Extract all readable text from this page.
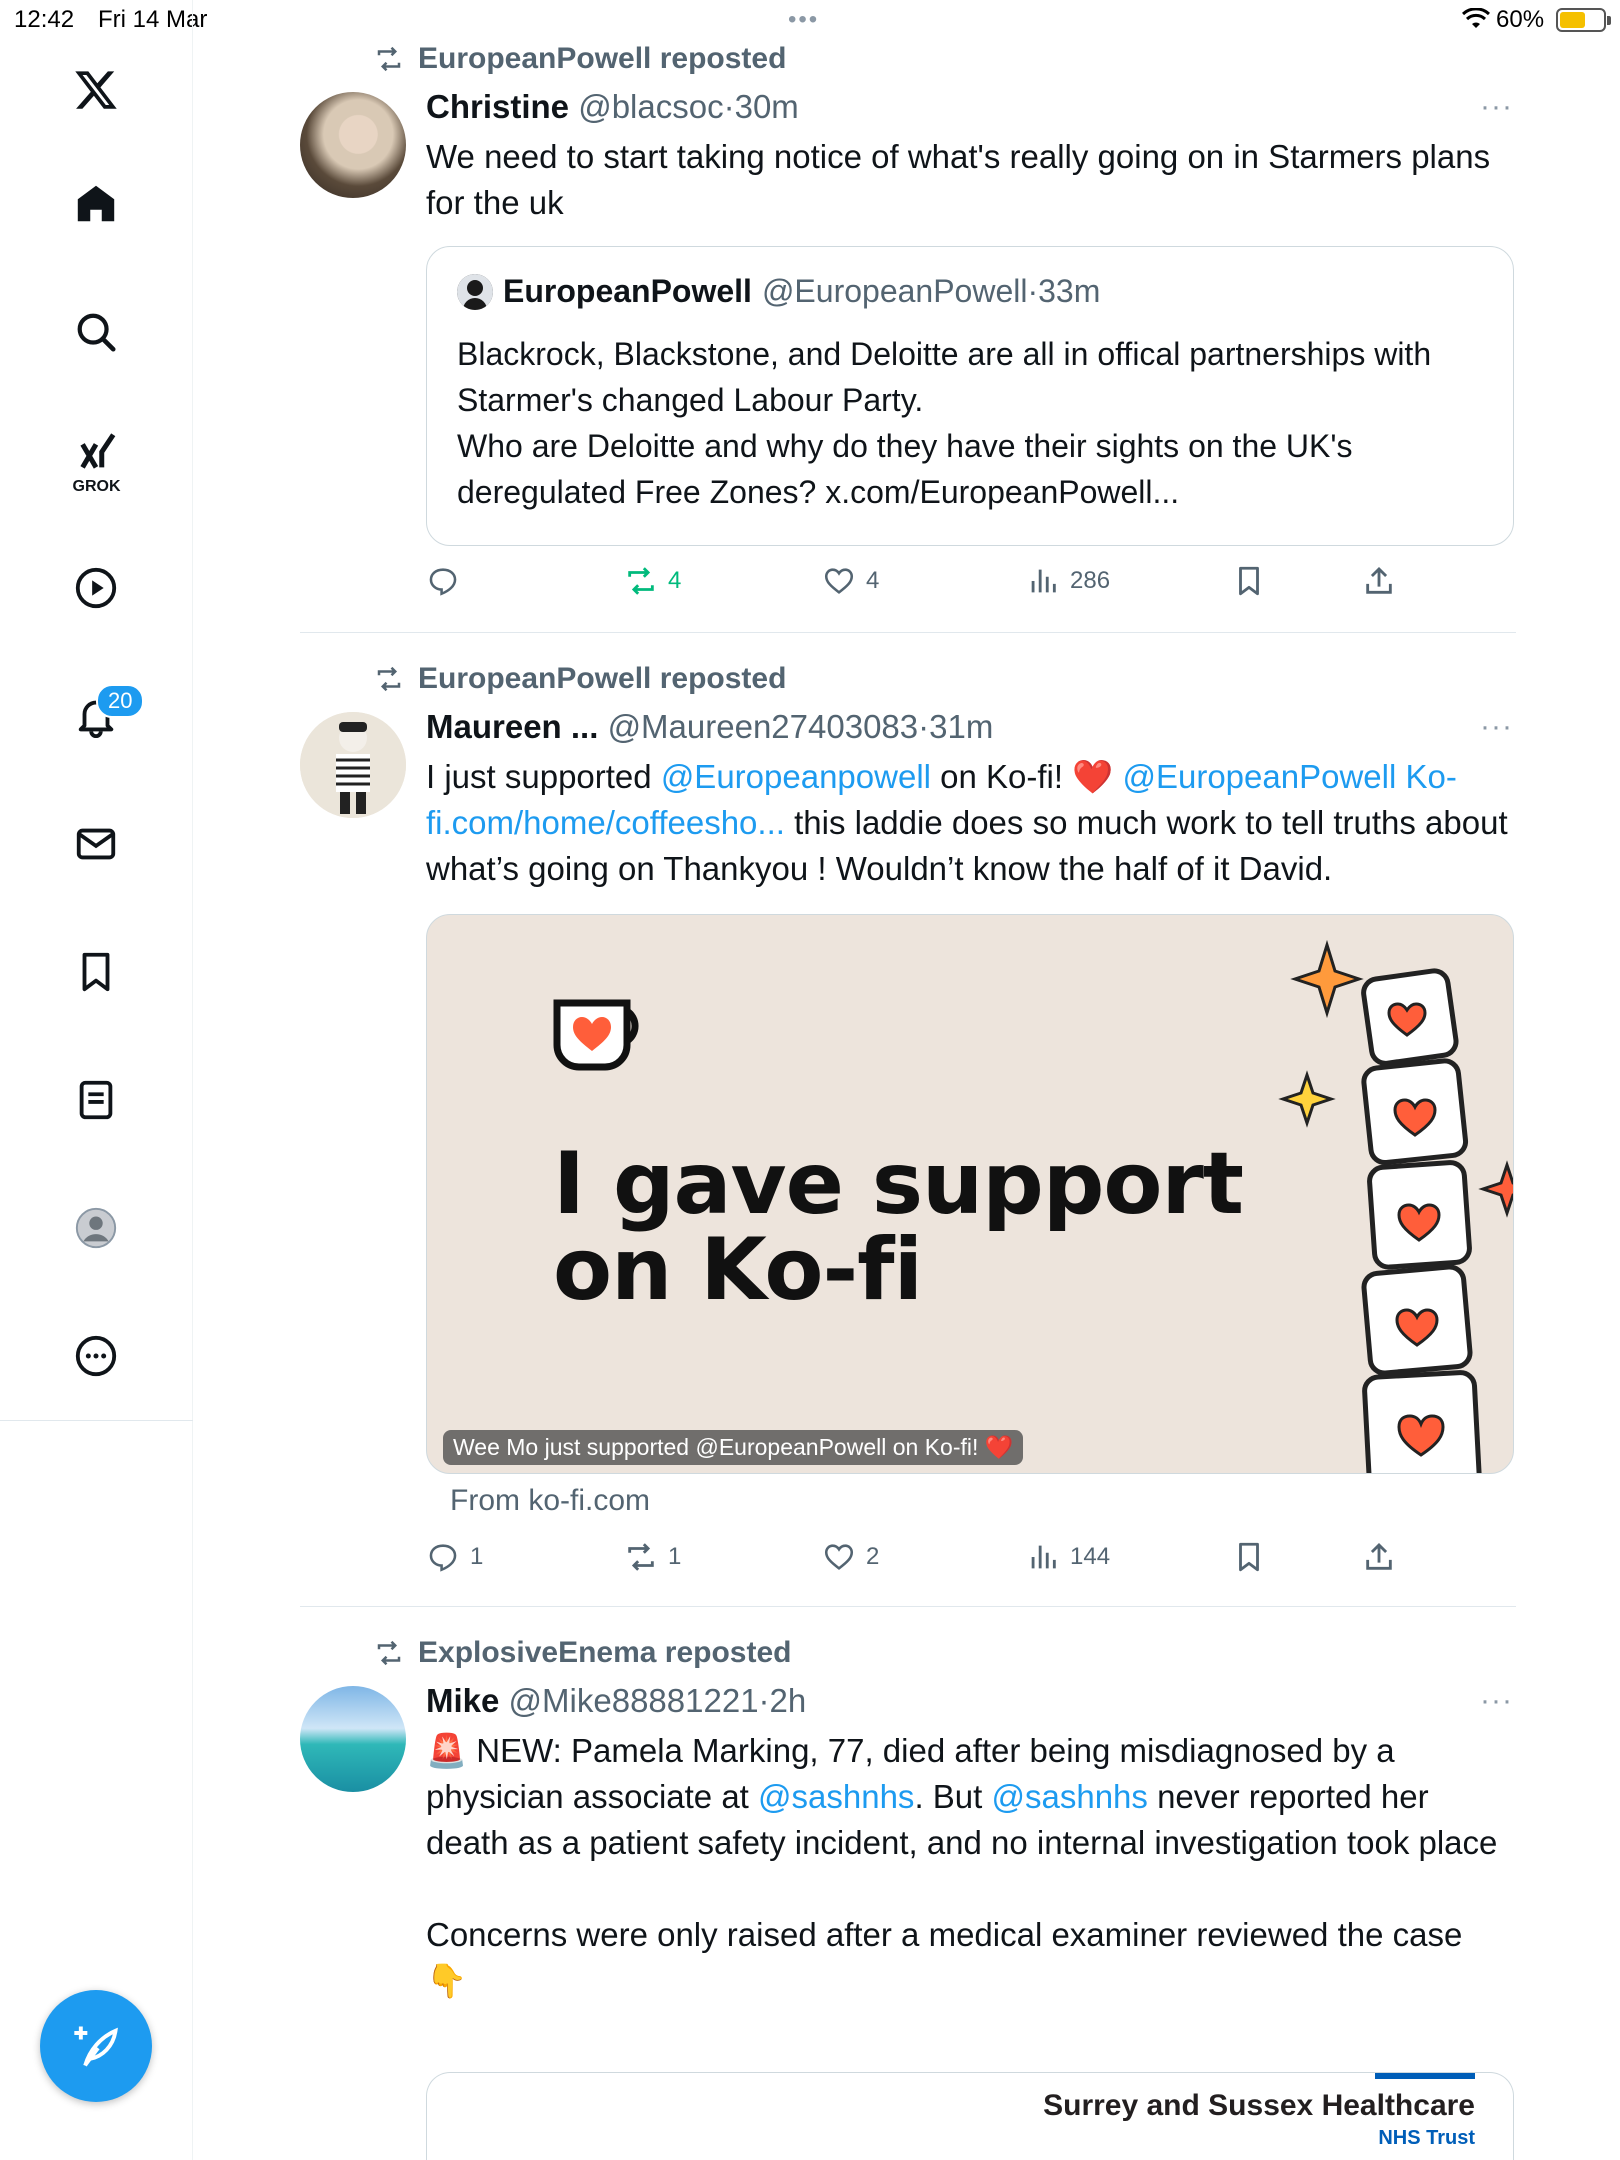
12:42 Fri 14 Mar	•••	60%
GROK
20
EuropeanPowell reposted
Christine @blacsoc·30m	···
We need to start taking notice of what's really going on in Starmers plans for the uk
EuropeanPowell @EuropeanPowell · 33m
Blackrock, Blackstone, and Deloitte are all in offical partnerships with Starmer's changed Labour Party.
Who are Deloitte and why do they have their sights on the UK's deregulated Free Zones? x.com/EuropeanPowell...
4	4	286
EuropeanPowell reposted
Maureen ... @Maureen27403083·31m	···
I just supported @Europeanpowell on Ko-fi! ❤️ @EuropeanPowell Ko-fi.com/home/coffeesho... this laddie does so much work to tell truths about what’s going on Thankyou ! Wouldn’t know the half of it David.
I gave support on Ko-fi
Wee Mo just supported @EuropeanPowell on Ko-fi! ❤️
From ko-fi.com
1	1	2	144
ExplosiveEnema reposted
Mike @Mike88881221·2h	···
🚨 NEW: Pamela Marking, 77, died after being misdiagnosed by a physician associate at @sashnhs. But @sashnhs never reported her death as a patient safety incident, and no internal investigation took place
Concerns were only raised after a medical examiner reviewed the case
👇
Surrey and Sussex Healthcare
NHS Trust
